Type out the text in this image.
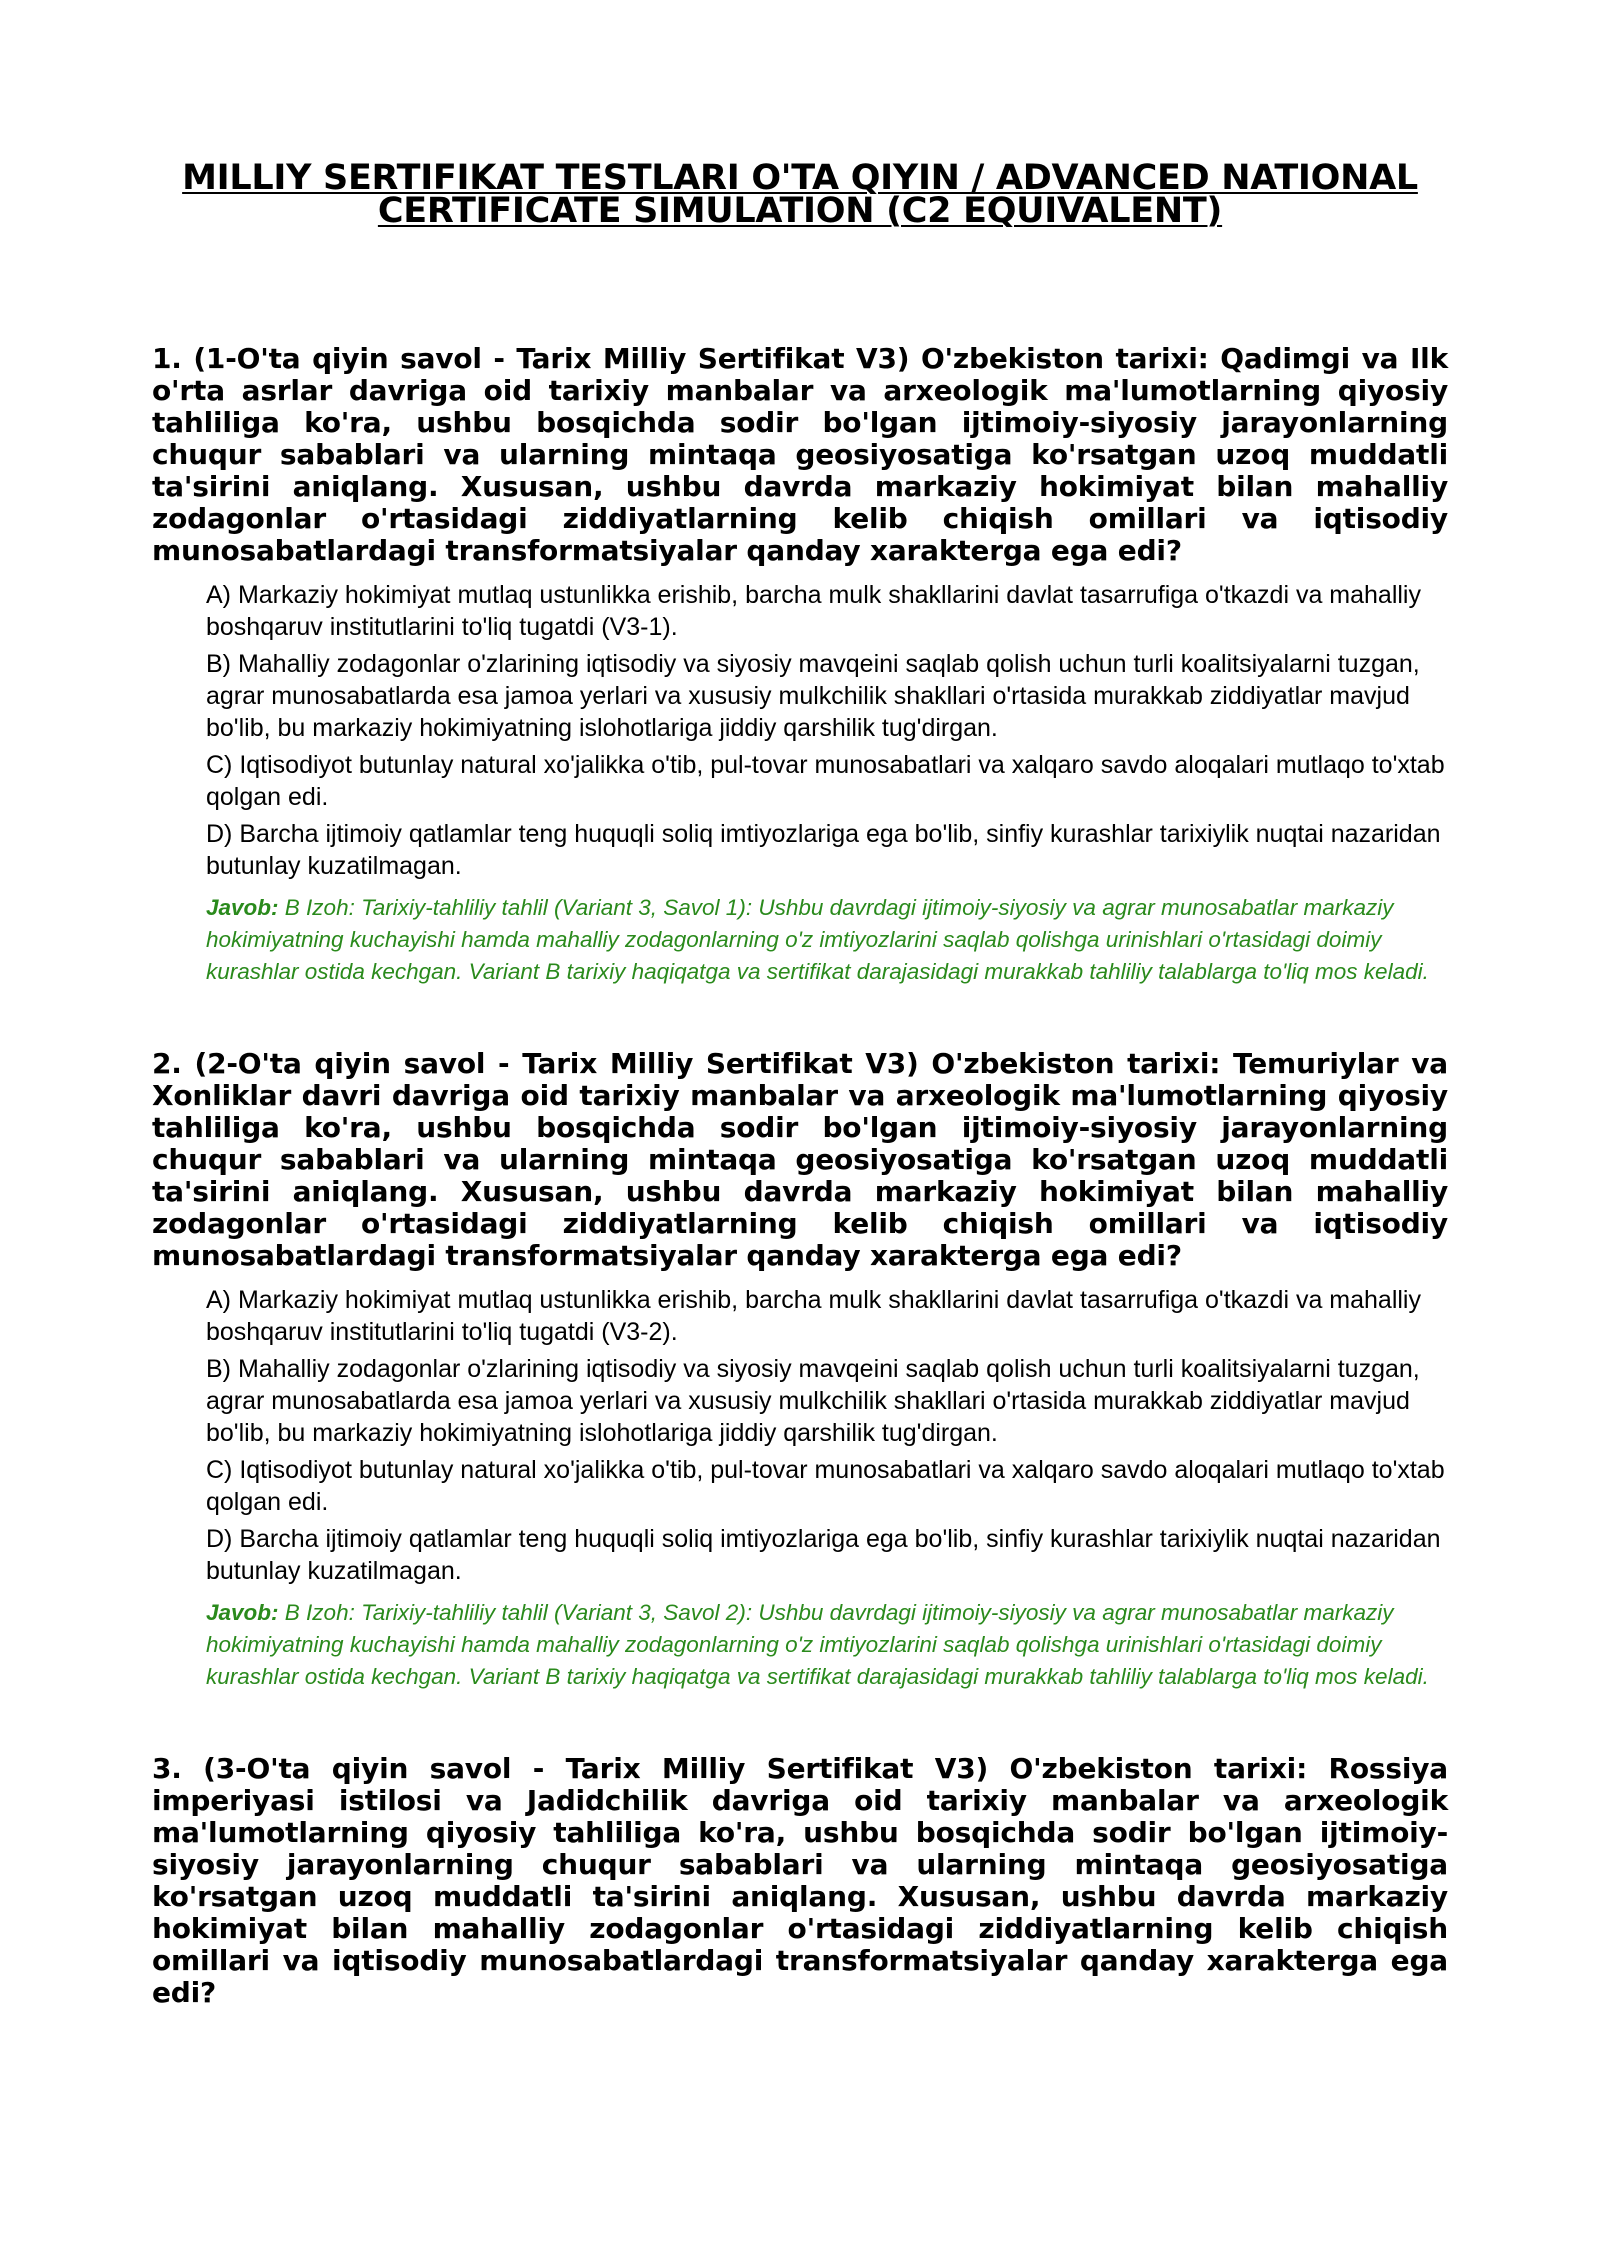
MILLIY SERTIFIKAT TESTLARI O'TA QIYIN / ADVANCED NATIONAL CERTIFICATE SIMULATION (C2 EQUIVALENT)
1. (1-O'ta qiyin savol - Tarix Milliy Sertifikat V3) O'zbekiston tarixi: Qadimgi va Ilk o'rta asrlar davriga oid tarixiy manbalar va arxeologik ma'lumotlarning qiyosiy tahliliga ko'ra, ushbu bosqichda sodir bo'lgan ijtimoiy-siyosiy jarayonlarning chuqur sabablari va ularning mintaqa geosiyosatiga ko'rsatgan uzoq muddatli ta'sirini aniqlang. Xususan, ushbu davrda markaziy hokimiyat bilan mahalliy zodagonlar o'rtasidagi ziddiyatlarning kelib chiqish omillari va iqtisodiy munosabatlardagi transformatsiyalar qanday xarakterga ega edi?
A) Markaziy hokimiyat mutlaq ustunlikka erishib, barcha mulk shakllarini davlat tasarrufiga o'tkazdi va mahalliy boshqaruv institutlarini to'liq tugatdi (V3-1).
B) Mahalliy zodagonlar o'zlarining iqtisodiy va siyosiy mavqeini saqlab qolish uchun turli koalitsiyalarni tuzgan, agrar munosabatlarda esa jamoa yerlari va xususiy mulkchilik shakllari o'rtasida murakkab ziddiyatlar mavjud bo'lib, bu markaziy hokimiyatning islohotlariga jiddiy qarshilik tug'dirgan.
C) Iqtisodiyot butunlay natural xo'jalikka o'tib, pul-tovar munosabatlari va xalqaro savdo aloqalari mutlaqo to'xtab qolgan edi.
D) Barcha ijtimoiy qatlamlar teng huquqli soliq imtiyozlariga ega bo'lib, sinfiy kurashlar tarixiylik nuqtai nazaridan butunlay kuzatilmagan.
Javob: B Izoh: Tarixiy-tahliliy tahlil (Variant 3, Savol 1): Ushbu davrdagi ijtimoiy-siyosiy va agrar munosabatlar markaziy hokimiyatning kuchayishi hamda mahalliy zodagonlarning o'z imtiyozlarini saqlab qolishga urinishlari o'rtasidagi doimiy kurashlar ostida kechgan. Variant B tarixiy haqiqatga va sertifikat darajasidagi murakkab tahliliy talablarga to'liq mos keladi.
2. (2-O'ta qiyin savol - Tarix Milliy Sertifikat V3) O'zbekiston tarixi: Temuriylar va Xonliklar davri davriga oid tarixiy manbalar va arxeologik ma'lumotlarning qiyosiy tahliliga ko'ra, ushbu bosqichda sodir bo'lgan ijtimoiy-siyosiy jarayonlarning chuqur sabablari va ularning mintaqa geosiyosatiga ko'rsatgan uzoq muddatli ta'sirini aniqlang. Xususan, ushbu davrda markaziy hokimiyat bilan mahalliy zodagonlar o'rtasidagi ziddiyatlarning kelib chiqish omillari va iqtisodiy munosabatlardagi transformatsiyalar qanday xarakterga ega edi?
A) Markaziy hokimiyat mutlaq ustunlikka erishib, barcha mulk shakllarini davlat tasarrufiga o'tkazdi va mahalliy boshqaruv institutlarini to'liq tugatdi (V3-2).
B) Mahalliy zodagonlar o'zlarining iqtisodiy va siyosiy mavqeini saqlab qolish uchun turli koalitsiyalarni tuzgan, agrar munosabatlarda esa jamoa yerlari va xususiy mulkchilik shakllari o'rtasida murakkab ziddiyatlar mavjud bo'lib, bu markaziy hokimiyatning islohotlariga jiddiy qarshilik tug'dirgan.
C) Iqtisodiyot butunlay natural xo'jalikka o'tib, pul-tovar munosabatlari va xalqaro savdo aloqalari mutlaqo to'xtab qolgan edi.
D) Barcha ijtimoiy qatlamlar teng huquqli soliq imtiyozlariga ega bo'lib, sinfiy kurashlar tarixiylik nuqtai nazaridan butunlay kuzatilmagan.
Javob: B Izoh: Tarixiy-tahliliy tahlil (Variant 3, Savol 2): Ushbu davrdagi ijtimoiy-siyosiy va agrar munosabatlar markaziy hokimiyatning kuchayishi hamda mahalliy zodagonlarning o'z imtiyozlarini saqlab qolishga urinishlari o'rtasidagi doimiy kurashlar ostida kechgan. Variant B tarixiy haqiqatga va sertifikat darajasidagi murakkab tahliliy talablarga to'liq mos keladi.
3. (3-O'ta qiyin savol - Tarix Milliy Sertifikat V3) O'zbekiston tarixi: Rossiya imperiyasi istilosi va Jadidchilik davriga oid tarixiy manbalar va arxeologik ma'lumotlarning qiyosiy tahliliga ko'ra, ushbu bosqichda sodir bo'lgan ijtimoiy-siyosiy jarayonlarning chuqur sabablari va ularning mintaqa geosiyosatiga ko'rsatgan uzoq muddatli ta'sirini aniqlang. Xususan, ushbu davrda markaziy hokimiyat bilan mahalliy zodagonlar o'rtasidagi ziddiyatlarning kelib chiqish omillari va iqtisodiy munosabatlardagi transformatsiyalar qanday xarakterga ega edi?
